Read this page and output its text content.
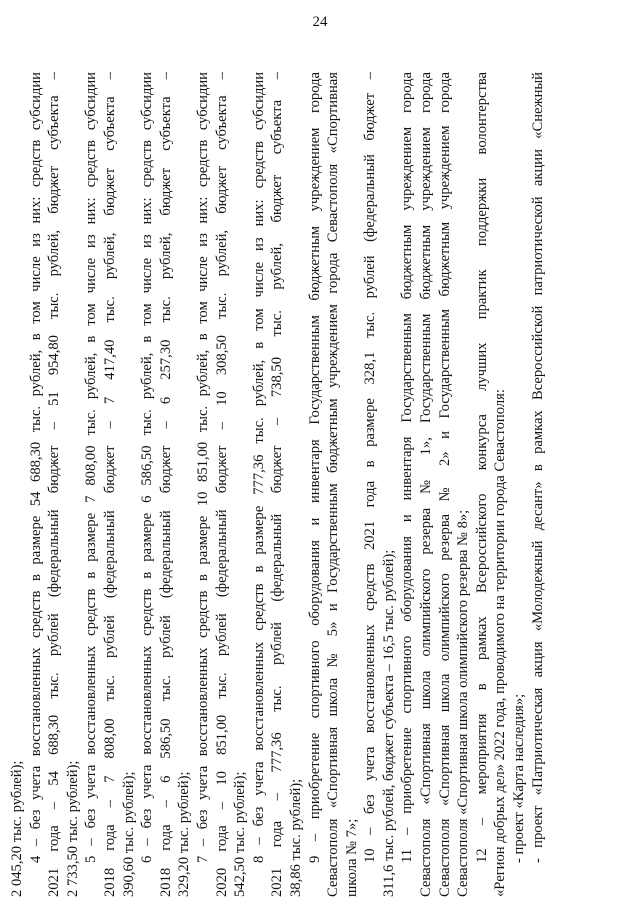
24
2 045,20 тыс. рублей); 4 – без учета восстановленных средств в размере 54 688,30 тыс. рублей, в том числе из них: средств субсидии 2021 года – 54 688,30 тыс. рублей (федеральный бюджет – 51 954,80 тыс. рублей, бюджет субъекта – 2 733,50 тыс. рублей); 5 – без учета восстановленных средств в размере 7 808,00 тыс. рублей, в том числе из них: средств субсидии 2018 года – 7 808,00 тыс. рублей (федеральный бюджет – 7 417,40 тыс. рублей, бюджет субъекта – 390,60 тыс. рублей); 6 – без учета восстановленных средств в размере 6 586,50 тыс. рублей, в том числе из них: средств субсидии 2018 года – 6 586,50 тыс. рублей (федеральный бюджет – 6 257,30 тыс. рублей, бюджет субъекта – 329,20 тыс. рублей); 7 – без учета восстановленных средств в размере 10 851,00 тыс. рублей, в том числе из них: средств субсидии 2020 года – 10 851,00 тыс. рублей (федеральный бюджет – 10 308,50 тыс. рублей, бюджет субъекта – 542,50 тыс. рублей); 8 – без учета восстановленных средств в размере 777,36 тыс. рублей, в том числе из них: средств субсидии 2021 года – 777,36 тыс. рублей (федеральный бюджет – 738,50 тыс. рублей, бюджет субъекта – 38,86 тыс. рублей); 9 – приобретение спортивного оборудования и инвентаря Государственным бюджетным учреждением города Севастополя «Спортивная школа № 5» и Государственным бюджетным учреждением города Севастополя «Спортивная школа № 7»; 10 – без учета восстановленных средств 2021 года в размере 328,1 тыс. рублей (федеральный бюджет – 311,6 тыс. рублей, бюджет субъекта – 16,5 тыс. рублей); 11 – приобретение спортивного оборудования и инвентаря Государственным бюджетным учреждением города Севастополя «Спортивная школа олимпийского резерва № 1», Государственным бюджетным учреждением города Севастополя «Спортивная школа олимпийского резерва № 2» и Государственным бюджетным учреждением города Севастополя «Спортивная школа олимпийского резерва № 8»; 12 – мероприятия в рамках Всероссийского конкурса лучших практик поддержки волонтерства «Регион добрых дел» 2022 года, проводимого на территории города Севастополя: - проект «Карта наследия»; - проект «Патриотическая акция «Молодежный десант» в рамках Всероссийской патриотической акции «Снежный
